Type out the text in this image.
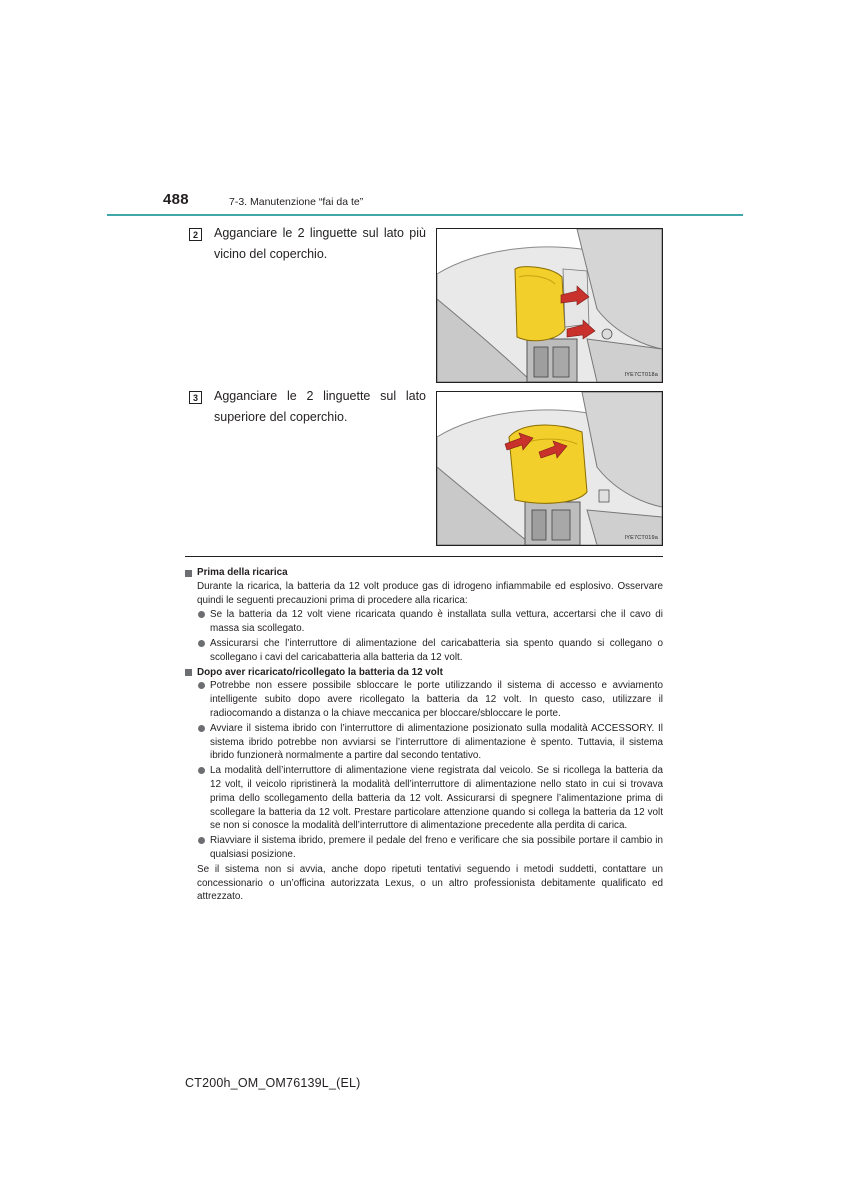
488	7-3. Manutenzione “fai da te”
2	Agganciare le 2 linguette sul lato più vicino del coperchio.
IYE7CT018a
3	Agganciare le 2 linguette sul lato superiore del coperchio.
IYE7CT019a
Prima della ricarica
Durante la ricarica, la batteria da 12 volt produce gas di idrogeno infiammabile ed esplosivo. Osservare quindi le seguenti precauzioni prima di procedere alla ricarica:
Se la batteria da 12 volt viene ricaricata quando è installata sulla vettura, accertarsi che il cavo di massa sia scollegato.
Assicurarsi che l’interruttore di alimentazione del caricabatteria sia spento quando si collegano o scollegano i cavi del caricabatteria alla batteria da 12 volt.
Dopo aver ricaricato/ricollegato la batteria da 12 volt
Potrebbe non essere possibile sbloccare le porte utilizzando il sistema di accesso e avviamento intelligente subito dopo avere ricollegato la batteria da 12 volt. In questo caso, utilizzare il radiocomando a distanza o la chiave meccanica per bloccare/sbloccare le porte.
Avviare il sistema ibrido con l’interruttore di alimentazione posizionato sulla modalità ACCESSORY. Il sistema ibrido potrebbe non avviarsi se l’interruttore di alimentazione è spento. Tuttavia, il sistema ibrido funzionerà normalmente a partire dal secondo tentativo.
La modalità dell’interruttore di alimentazione viene registrata dal veicolo. Se si ricollega la batteria da 12 volt, il veicolo ripristinerà la modalità dell’interruttore di alimentazione nello stato in cui si trovava prima dello scollegamento della batteria da 12 volt. Assicurarsi di spegnere l’alimentazione prima di scollegare la batteria da 12 volt. Prestare particolare attenzione quando si collega la batteria da 12 volt se non si conosce la modalità dell’interruttore di alimentazione precedente alla perdita di carica.
Riavviare il sistema ibrido, premere il pedale del freno e verificare che sia possibile portare il cambio in qualsiasi posizione.
Se il sistema non si avvia, anche dopo ripetuti tentativi seguendo i metodi suddetti, contattare un concessionario o un’officina autorizzata Lexus, o un altro professionista debitamente qualificato ed attrezzato.
CT200h_OM_OM76139L_(EL)
